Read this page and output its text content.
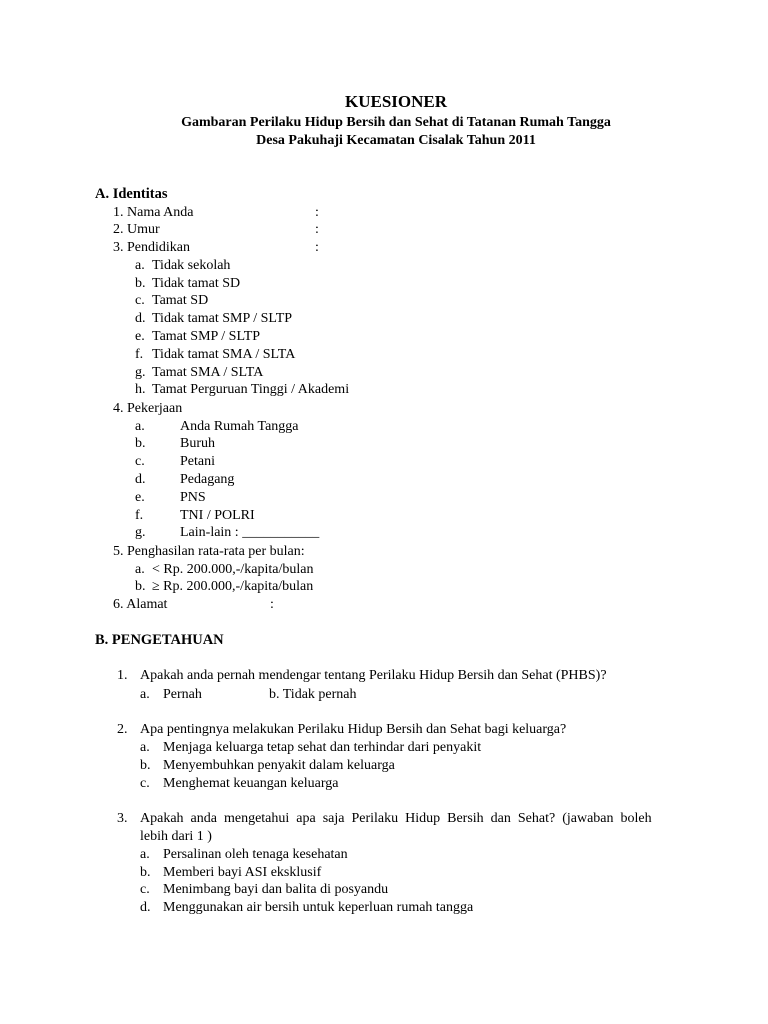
KUESIONER
Gambaran Perilaku Hidup Bersih dan Sehat di Tatanan Rumah Tangga
Desa Pakuhaji Kecamatan Cisalak Tahun 2011
A. Identitas
1. Nama Anda	:
2. Umur	:
3. Pendidikan	:
a. Tidak sekolah
b. Tidak tamat SD
c. Tamat SD
d. Tidak tamat SMP / SLTP
e. Tamat SMP / SLTP
f. Tidak tamat SMA / SLTA
g. Tamat SMA / SLTA
h. Tamat Perguruan Tinggi / Akademi
4. Pekerjaan
a.	Anda Rumah Tangga
b. Buruh
c.	Petani
d. Pedagang
e.	PNS
f.	TNI / POLRI
g. Lain-lain : ___________
5. Penghasilan rata-rata per bulan:
a. < Rp. 200.000,-/kapita/bulan
b. ≥ Rp. 200.000,-/kapita/bulan
6. Alamat	:
B. PENGETAHUAN
1. Apakah anda pernah mendengar tentang Perilaku Hidup Bersih dan Sehat (PHBS)?
a. Pernah	b. Tidak pernah
2. Apa pentingnya melakukan Perilaku Hidup Bersih dan Sehat bagi keluarga?
a. Menjaga keluarga tetap sehat dan terhindar dari penyakit
b. Menyembuhkan penyakit dalam keluarga
c. Menghemat keuangan keluarga
3. Apakah anda mengetahui apa saja Perilaku Hidup Bersih dan Sehat? (jawaban boleh
lebih dari 1 )
a. Persalinan oleh tenaga kesehatan
b. Memberi bayi ASI eksklusif
c. Menimbang bayi dan balita di posyandu
d. Menggunakan air bersih untuk keperluan rumah tangga
